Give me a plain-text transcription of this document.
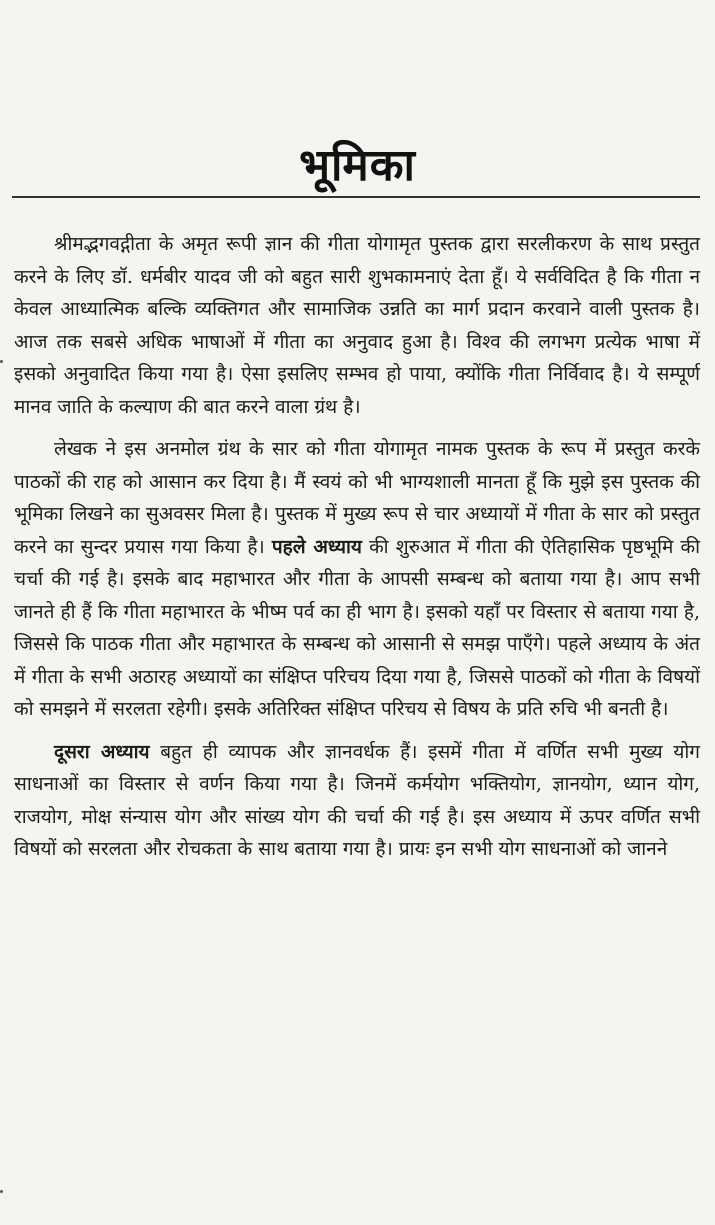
भूमिका

श्रीमद्भगवद्गीता के अमृत रूपी ज्ञान की गीता योगामृत पुस्तक द्वारा सरलीकरण के साथ प्रस्तुत करने के लिए डॉ. धर्मबीर यादव जी को बहुत सारी शुभकामनाएं देता हूँ। ये सर्वविदित है कि गीता न केवल आध्यात्मिक बल्कि व्यक्तिगत और सामाजिक उन्नति का मार्ग प्रदान करवाने वाली पुस्तक है। आज तक सबसे अधिक भाषाओं में गीता का अनुवाद हुआ है। विश्व की लगभग प्रत्येक भाषा में इसको अनुवादित किया गया है। ऐसा इसलिए सम्भव हो पाया, क्योंकि गीता निर्विवाद है। ये सम्पूर्ण मानव जाति के कल्याण की बात करने वाला ग्रंथ है।

लेखक ने इस अनमोल ग्रंथ के सार को गीता योगामृत नामक पुस्तक के रूप में प्रस्तुत करके पाठकों की राह को आसान कर दिया है। मैं स्वयं को भी भाग्यशाली मानता हूँ कि मुझे इस पुस्तक की भूमिका लिखने का सुअवसर मिला है। पुस्तक में मुख्य रूप से चार अध्यायों में गीता के सार को प्रस्तुत करने का सुन्दर प्रयास गया किया है। पहले अध्याय की शुरुआत में गीता की ऐतिहासिक पृष्ठभूमि की चर्चा की गई है। इसके बाद महाभारत और गीता के आपसी सम्बन्ध को बताया गया है। आप सभी जानते ही हैं कि गीता महाभारत के भीष्म पर्व का ही भाग है। इसको यहाँ पर विस्तार से बताया गया है, जिससे कि पाठक गीता और महाभारत के सम्बन्ध को आसानी से समझ पाएँगे। पहले अध्याय के अंत में गीता के सभी अठारह अध्यायों का संक्षिप्त परिचय दिया गया है, जिससे पाठकों को गीता के विषयों को समझने में सरलता रहेगी। इसके अतिरिक्त संक्षिप्त परिचय से विषय के प्रति रुचि भी बनती है।

दूसरा अध्याय बहुत ही व्यापक और ज्ञानवर्धक हैं। इसमें गीता में वर्णित सभी मुख्य योग साधनाओं का विस्तार से वर्णन किया गया है। जिनमें कर्मयोग भक्तियोग, ज्ञानयोग, ध्यान योग, राजयोग, मोक्ष संन्यास योग और सांख्य योग की चर्चा की गई है। इस अध्याय में ऊपर वर्णित सभी विषयों को सरलता और रोचकता के साथ बताया गया है। प्रायः इन सभी योग साधनाओं को जानने
